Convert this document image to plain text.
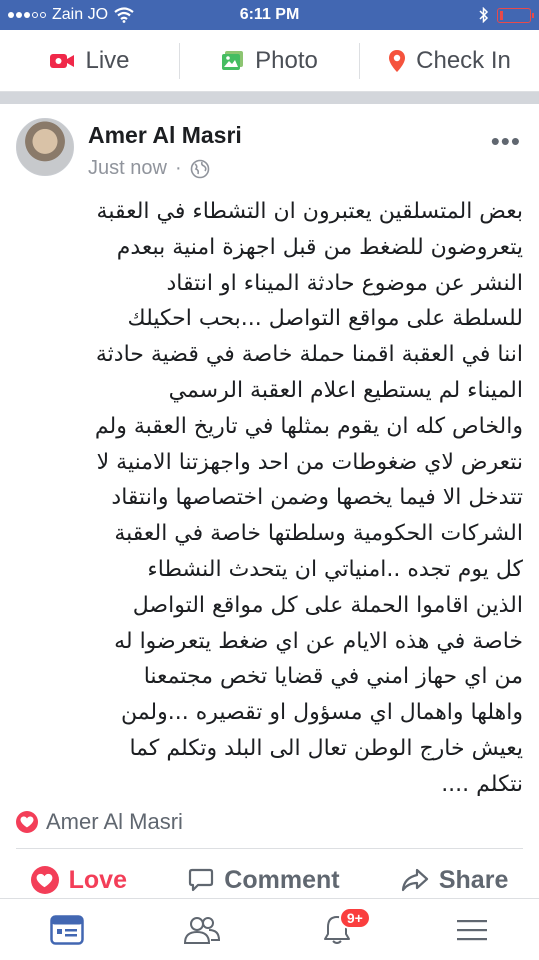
Zain JO	6:11 PM
Live	Photo	Check In
Amer Al Masri
Just now ·
•••
بعض المتسلقين يعتبرون ان التشطاء في العقبة
يتعروضون للضغط من قبل اجهزة امنية ببعدم
النشر عن موضوع حادثة الميناء او انتقاد
للسلطة على مواقع التواصل ...بحب احكيلك
اننا في العقبة اقمنا حملة خاصة في قضية حادثة
الميناء لم يستطيع اعلام العقبة الرسمي
والخاص كله ان يقوم بمثلها في تاريخ العقبة ولم
نتعرض لاي ضغوطات من احد واجهزتنا الامنية لا
تتدخل الا فيما يخصها وضمن اختصاصها وانتقاد
الشركات الحكومية وسلطتها خاصة في العقبة
كل يوم تجده ..امنياتي ان يتحدث النشطاء
الذين اقاموا الحملة على كل مواقع التواصل
خاصة في هذه الايام عن اي ضغط يتعرضوا له
من اي حهاز امني في قضايا تخص مجتمعنا
واهلها واهمال اي مسؤول او تقصيره ...ولمن
يعيش خارج الوطن تعال الى البلد وتكلم كما
نتكلم ....
Amer Al Masri
Love	Comment	Share
9+
